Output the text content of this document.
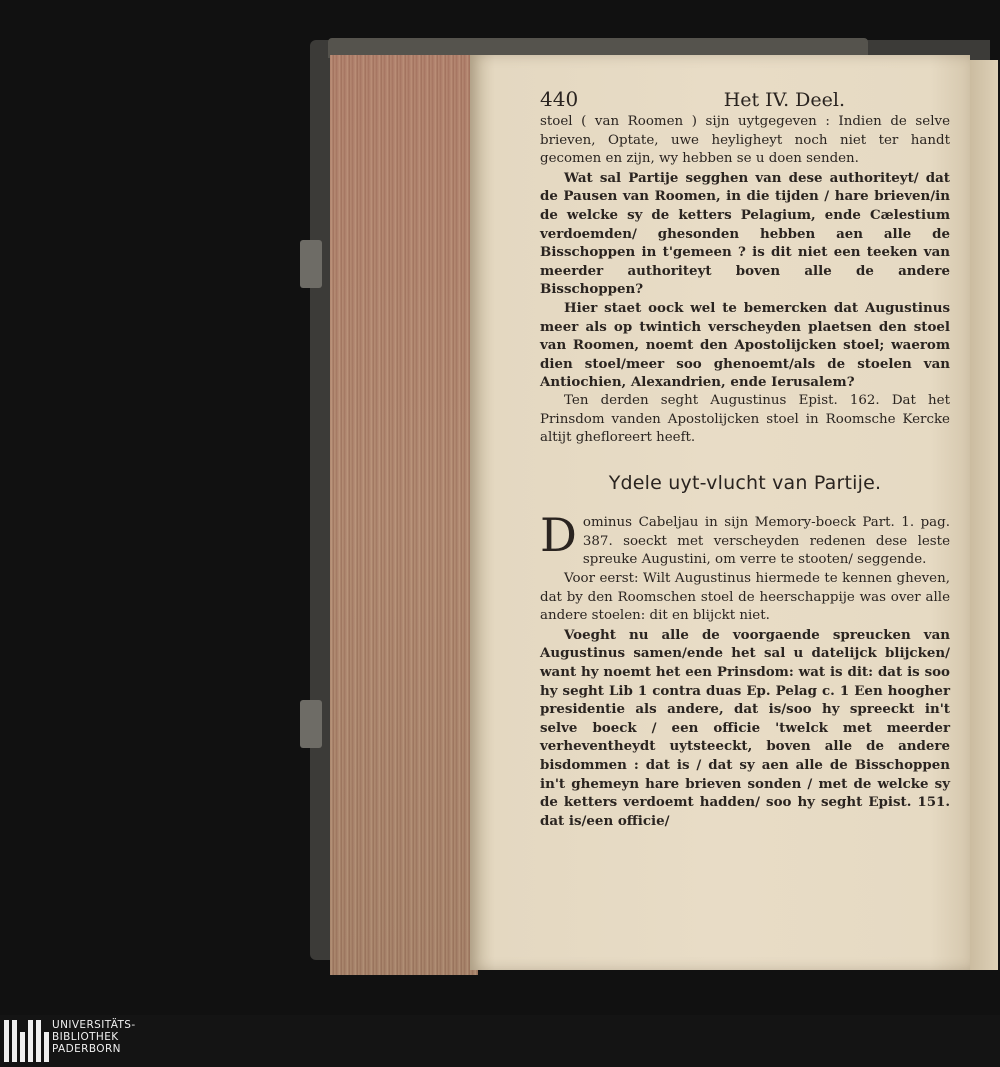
440	Het IV. Deel.

stoel ( van Roomen ) sijn uytgegeven : Indien de selve brieven, Optate, uwe heyligheyt noch niet ter handt gecomen en zijn, wy hebben se u doen senden.

Wat sal Partije segghen van dese authoriteyt/ dat de Pausen van Roomen, in die tijden / hare brieven/in de welcke sy de ketters Pelagium, ende Cælestium verdoemden/ ghesonden hebben aen alle de Bisschoppen in t'gemeen ? is dit niet een teeken van meerder authoriteyt boven alle de andere Bisschoppen?

Hier staet oock wel te bemercken dat Augustinus meer als op twintich verscheyden plaetsen den stoel van Roomen, noemt den Apostolijcken stoel; waerom dien stoel/meer soo ghenoemt/als de stoelen van Antiochien, Alexandrien, ende Ierusalem?

Ten derden seght Augustinus Epist. 162. Dat het Prinsdom vanden Apostolijcken stoel in Roomsche Kercke altijt ghefloreert heeft.

Ydele uyt-vlucht van Partije.

Dominus Cabeljau in sijn Memory-boeck Part. 1. pag. 387. soeckt met verscheyden redenen dese leste spreuke Augustini, om verre te stooten/ seggende.

Voor eerst: Wilt Augustinus hiermede te kennen gheven, dat by den Roomschen stoel de heerschappije was over alle andere stoelen: dit en blijckt niet.

Voeght nu alle de voorgaende spreucken van Augustinus samen/ende het sal u datelijck blijcken/ want hy noemt het een Prinsdom: wat is dit: dat is soo hy seght Lib 1 contra duas Ep. Pelag c. 1 Een hoogher presidentie als andere, dat is/soo hy spreeckt in't selve boeck / een officie 'twelck met meerder verheventheydt uytsteeckt, boven alle de andere bisdommen : dat is / dat sy aen alle de Bisschoppen in't ghemeyn hare brieven sonden / met de welcke sy de ketters verdoemt hadden/ soo hy seght Epist. 151. dat is/een officie/

UNIVERSITÄTS-
BIBLIOTHEK
PADERBORN
